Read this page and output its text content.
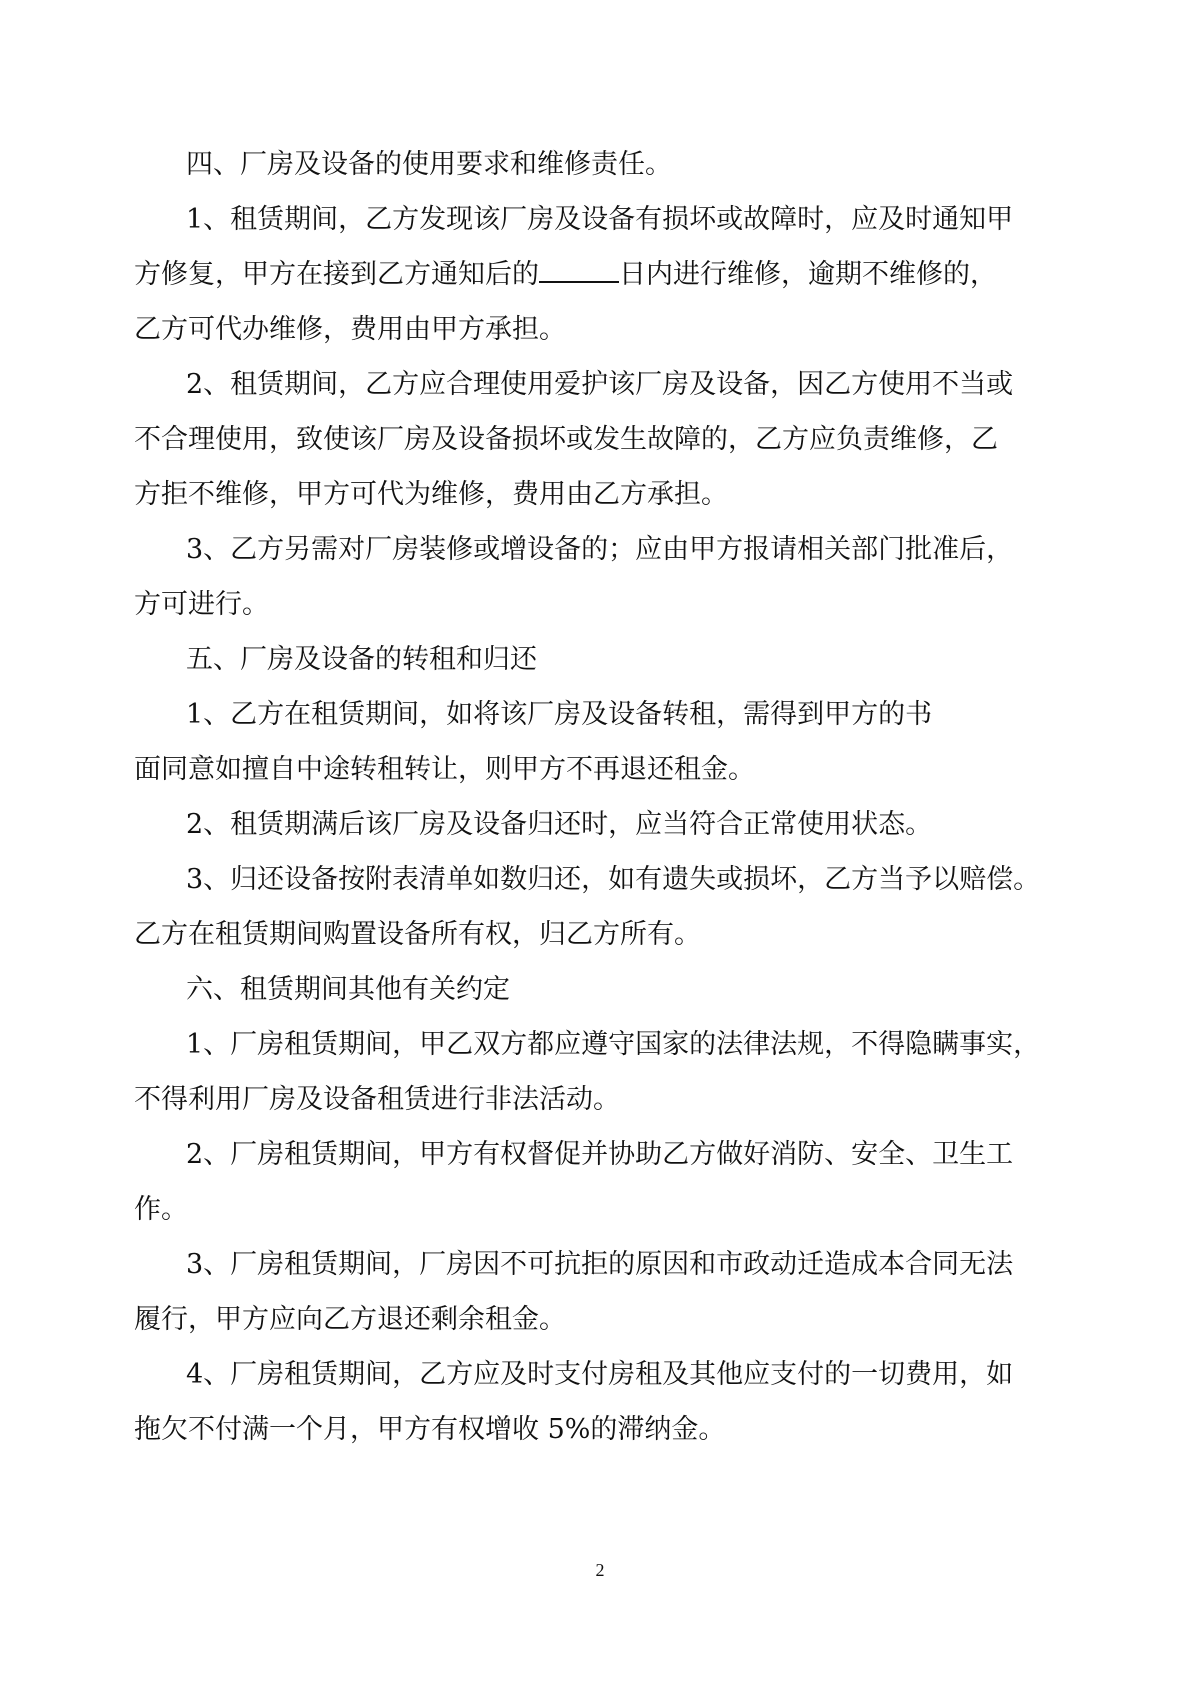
四、厂房及设备的使用要求和维修责任。

1、租赁期间，乙方发现该厂房及设备有损坏或故障时，应及时通知甲

方修复，甲方在接到乙方通知后的	日内进行维修，逾期不维修的，

乙方可代办维修，费用由甲方承担。

2、租赁期间，乙方应合理使用爱护该厂房及设备，因乙方使用不当或

不合理使用，致使该厂房及设备损坏或发生故障的，乙方应负责维修，乙

方拒不维修，甲方可代为维修，费用由乙方承担。

3、乙方另需对厂房装修或增设备的；应由甲方报请相关部门批准后，

方可进行。

五、厂房及设备的转租和归还

1、乙方在租赁期间，如将该厂房及设备转租，需得到甲方的书

面同意如擅自中途转租转让，则甲方不再退还租金。

2、租赁期满后该厂房及设备归还时，应当符合正常使用状态。

3、归还设备按附表清单如数归还，如有遗失或损坏，乙方当予以赔偿。

乙方在租赁期间购置设备所有权，归乙方所有。

六、租赁期间其他有关约定

1、厂房租赁期间，甲乙双方都应遵守国家的法律法规，不得隐瞒事实，

不得利用厂房及设备租赁进行非法活动。

2、厂房租赁期间，甲方有权督促并协助乙方做好消防、安全、卫生工

作。

3、厂房租赁期间，厂房因不可抗拒的原因和市政动迁造成本合同无法

履行，甲方应向乙方退还剩余租金。

4、厂房租赁期间，乙方应及时支付房租及其他应支付的一切费用，如

拖欠不付满一个月，甲方有权增收 5%的滞纳金。

2
